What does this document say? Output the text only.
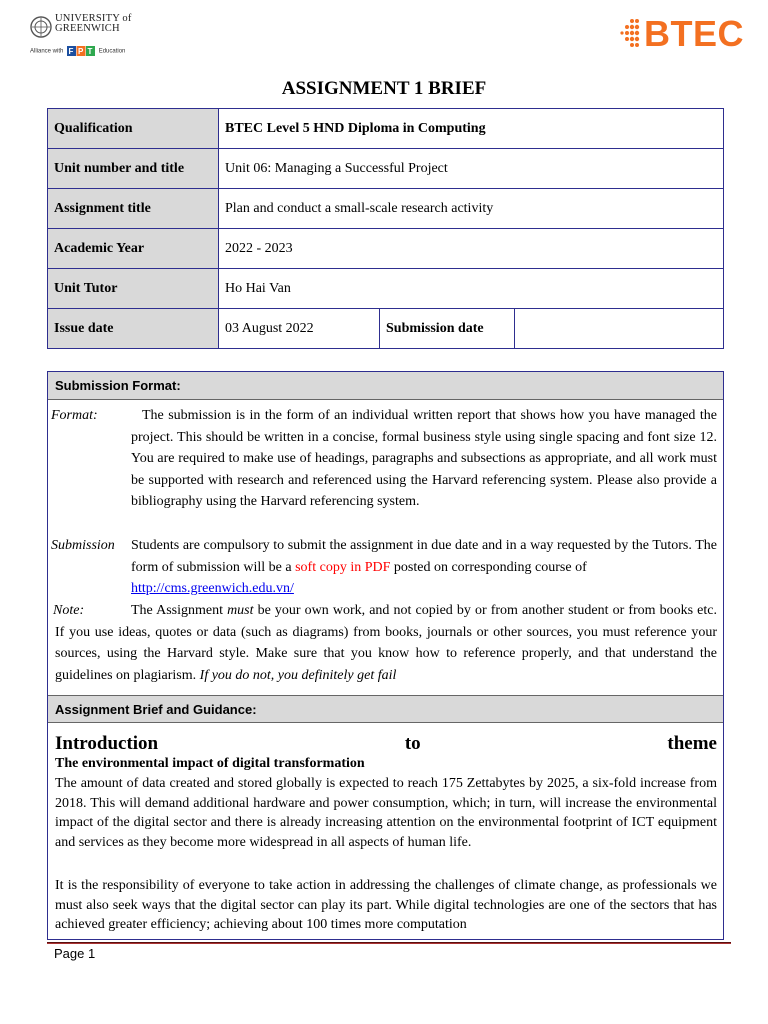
UNIVERSITY of
GREENWICH
Alliance with F P T Education	BTEC
ASSIGNMENT 1 BRIEF
Qualification	BTEC Level 5 HND Diploma in Computing		
Unit number and title	Unit 06: Managing a Successful Project		
Assignment title	Plan and conduct a small-scale research activity		
Academic Year	2022 - 2023		
Unit Tutor	Ho Hai Van		
Issue date	03 August 2022	Submission date	
Submission Format:
Format:	The submission is in the form of an individual written report that shows how you have managed the project. This should be written in a concise, formal business style using single spacing and font size 12. You are required to make use of headings, paragraphs and subsections as appropriate, and all work must be supported with research and referenced using the Harvard referencing system. Please also provide a bibliography using the Harvard referencing system.
Submission Students are compulsory to submit the assignment in due date and in a way requested by the Tutors. The form of submission will be a soft copy in PDF posted on corresponding course of
http://cms.greenwich.edu.vn/
Note:	The Assignment must be your own work, and not copied by or from another student or from books etc. If you use ideas, quotes or data (such as diagrams) from books, journals or other sources, you must reference your sources, using the Harvard style. Make sure that you know how to reference properly, and that understand the guidelines on plagiarism. If you do not, you definitely get fail
Assignment Brief and Guidance:
Introduction	to	theme
The environmental impact of digital transformation
The amount of data created and stored globally is expected to reach 175 Zettabytes by 2025, a six-fold increase from 2018. This will demand additional hardware and power consumption, which; in turn, will increase the environmental impact of the digital sector and there is already increasing attention on the environmental footprint of ICT equipment and services as they become more widespread in all aspects of human life.
It is the responsibility of everyone to take action in addressing the challenges of climate change, as professionals we must also seek ways that the digital sector can play its part. While digital technologies are one of the sectors that has achieved greater efficiency; achieving about 100 times more computation
Page 1
